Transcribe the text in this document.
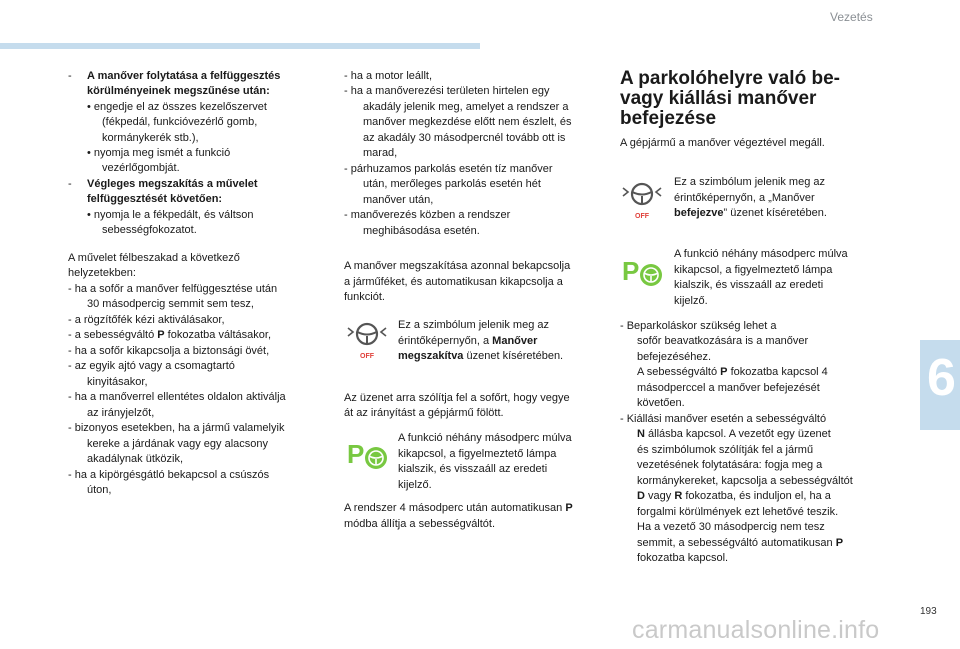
Vezetés
6
- A manőver folytatása a felfüggesztés
körülményeinek megszűnése után:
• engedje el az összes kezelőszervet
(fékpedál, funkcióvezérlő gomb,
kormánykerék stb.),
• nyomja meg ismét a funkció
vezérlőgombját.
- Végleges megszakítás a művelet
felfüggesztését követően:
• nyomja le a fékpedált, és váltson
sebességfokozatot.
A művelet félbeszakad a következő
helyzetekben:
- ha a sofőr a manőver felfüggesztése után
30 másodpercig semmit sem tesz,
- a rögzítőfék kézi aktiválásakor,
- a sebességváltó P fokozatba váltásakor,
- ha a sofőr kikapcsolja a biztonsági övét,
- az egyik ajtó vagy a csomagtartó
kinyitásakor,
- ha a manőverrel ellentétes oldalon aktiválja
az irányjelzőt,
- bizonyos esetekben, ha a jármű valamelyik
kereke a járdának vagy egy alacsony
akadálynak ütközik,
- ha a kipörgésgátló bekapcsol a csúszós
úton,
- ha a motor leállt,
- ha a manőverezési területen hirtelen egy
akadály jelenik meg, amelyet a rendszer a
manőver megkezdése előtt nem észlelt, és
az akadály 30 másodpercnél tovább ott is
marad,
- párhuzamos parkolás esetén tíz manőver
után, merőleges parkolás esetén hét
manőver után,
- manőverezés közben a rendszer
meghibásodása esetén.
A manőver megszakítása azonnal bekapcsolja
a járműféket, és automatikusan kikapcsolja a
funkciót.
OFF
Ez a szimbólum jelenik meg az
érintőképernyőn, a Manőver
megszakítva üzenet kíséretében.
Az üzenet arra szólítja fel a sofőrt, hogy vegye
át az irányítást a gépjármű fölött.
P
A funkció néhány másodperc múlva
kikapcsol, a figyelmeztető lámpa
kialszik, és visszaáll az eredeti
kijelző.
A rendszer 4 másodperc után automatikusan P
módba állítja a sebességváltót.
A parkolóhelyre való be-
vagy kiállási manőver
befejezése
A gépjármű a manőver végeztével megáll.
OFF
Ez a szimbólum jelenik meg az
érintőképernyőn, a „Manőver
befejezve” üzenet kíséretében.
P
A funkció néhány másodperc múlva
kikapcsol, a figyelmeztető lámpa
kialszik, és visszaáll az eredeti
kijelző.
- Beparkoláskor szükség lehet a
sofőr beavatkozására is a manőver
befejezéséhez.
A sebességváltó P fokozatba kapcsol 4
másodperccel a manőver befejezését
követően.
- Kiállási manőver esetén a sebességváltó
N állásba kapcsol. A vezetőt egy üzenet
és szimbólumok szólítják fel a jármű
vezetésének folytatására: fogja meg a
kormánykereket, kapcsolja a sebességváltót
D vagy R fokozatba, és induljon el, ha a
forgalmi körülmények ezt lehetővé teszik.
Ha a vezető 30 másodpercig nem tesz
semmit, a sebességváltó automatikusan P
fokozatba kapcsol.
193
carmanualsonline.info
